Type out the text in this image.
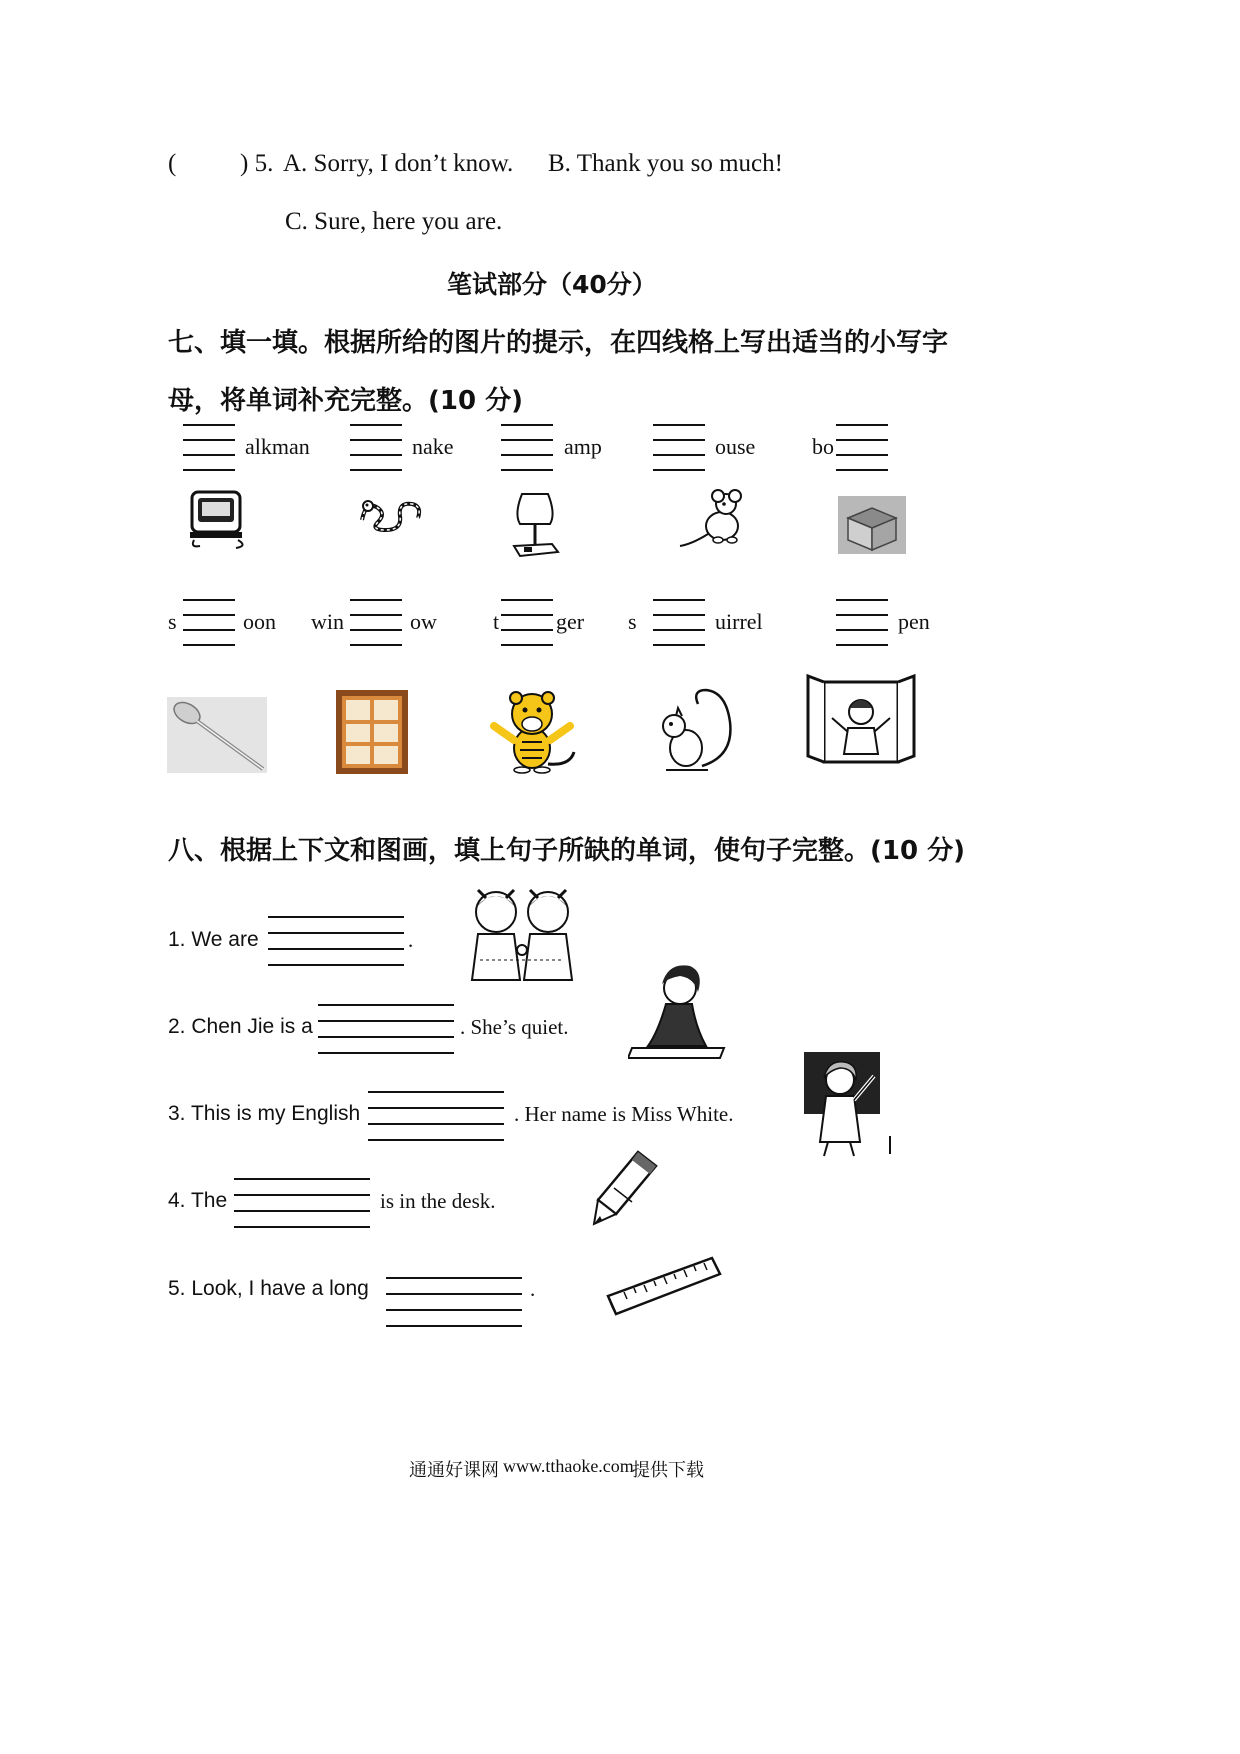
(	) 5. A. Sorry, I don’t know. B. Thank you so much!
C. Sure, here you are.
笔试部分（40分）
七、填一填。根据所给的图片的提示，在四线格上写出适当的小写字
母，将单词补充完整。(10 分)
alkman	nake	amp	ouse	bo
s	oon win	ow	t	ger s	uirrel	pen
八、根据上下文和图画，填上句子所缺的单词，使句子完整。(10 分)
1. We are	.
2. Chen Jie is a	. She’s quiet.
3. This is my English	. Her name is Miss White.
4. The	is in the desk.
5. Look, I have a long	.
通通好课网 www.tthaoke.com
提供下载
